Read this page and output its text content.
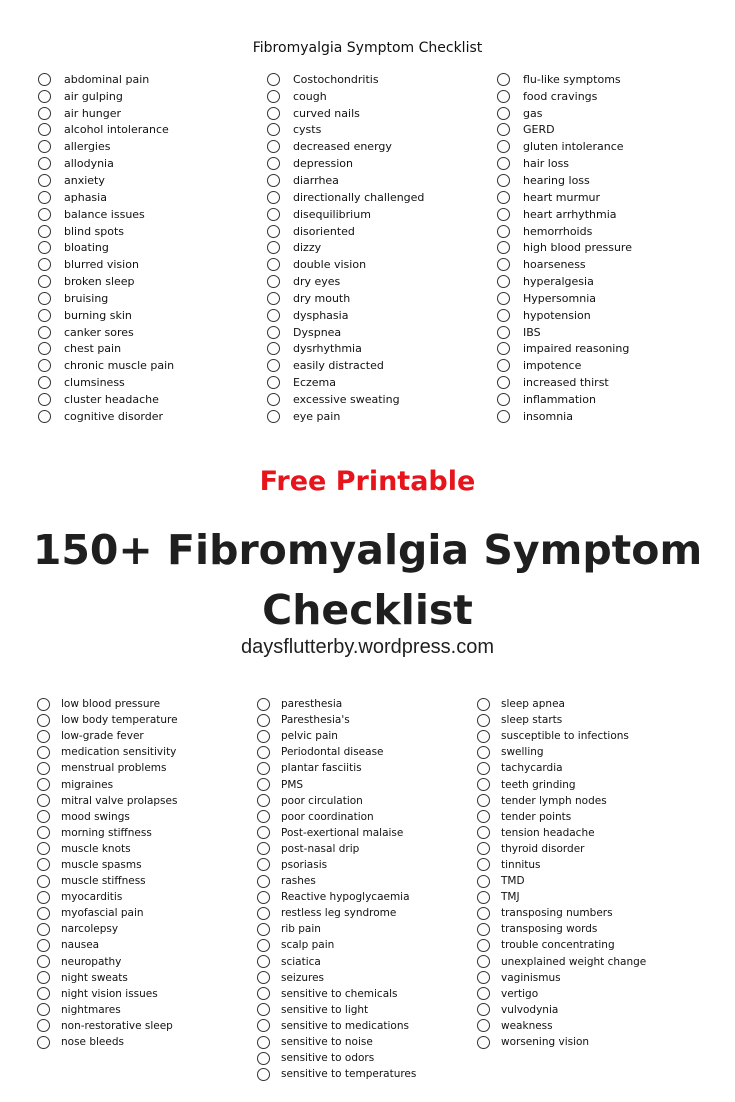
Fibromyalgia Symptom Checklist
abdominal pain
air gulping
air hunger
alcohol intolerance
allergies
allodynia
anxiety
aphasia
balance issues
blind spots
bloating
blurred vision
broken sleep
bruising
burning skin
canker sores
chest pain
chronic muscle pain
clumsiness
cluster headache
cognitive disorder
Costochondritis
cough
curved nails
cysts
decreased energy
depression
diarrhea
directionally challenged
disequilibrium
disoriented
dizzy
double vision
dry eyes
dry mouth
dysphasia
Dyspnea
dysrhythmia
easily distracted
Eczema
excessive sweating
eye pain
flu-like symptoms
food cravings
gas
GERD
gluten intolerance
hair loss
hearing loss
heart murmur
heart arrhythmia
hemorrhoids
high blood pressure
hoarseness
hyperalgesia
Hypersomnia
hypotension
IBS
impaired reasoning
impotence
increased thirst
inflammation
insomnia
Free Printable
150+ Fibromyalgia Symptom
Checklist
daysflutterby.wordpress.com
low blood pressure
low body temperature
low-grade fever
medication sensitivity
menstrual problems
migraines
mitral valve prolapses
mood swings
morning stiffness
muscle knots
muscle spasms
muscle stiffness
myocarditis
myofascial pain
narcolepsy
nausea
neuropathy
night sweats
night vision issues
nightmares
non-restorative sleep
nose bleeds
paresthesia
Paresthesia's
pelvic pain
Periodontal disease
plantar fasciitis
PMS
poor circulation
poor coordination
Post-exertional malaise
post-nasal drip
psoriasis
rashes
Reactive hypoglycaemia
restless leg syndrome
rib pain
scalp pain
sciatica
seizures
sensitive to chemicals
sensitive to light
sensitive to medications
sensitive to noise
sensitive to odors
sensitive to temperatures
sleep apnea
sleep starts
susceptible to infections
swelling
tachycardia
teeth grinding
tender lymph nodes
tender points
tension headache
thyroid disorder
tinnitus
TMD
TMJ
transposing numbers
transposing words
trouble concentrating
unexplained weight change
vaginismus
vertigo
vulvodynia
weakness
worsening vision
